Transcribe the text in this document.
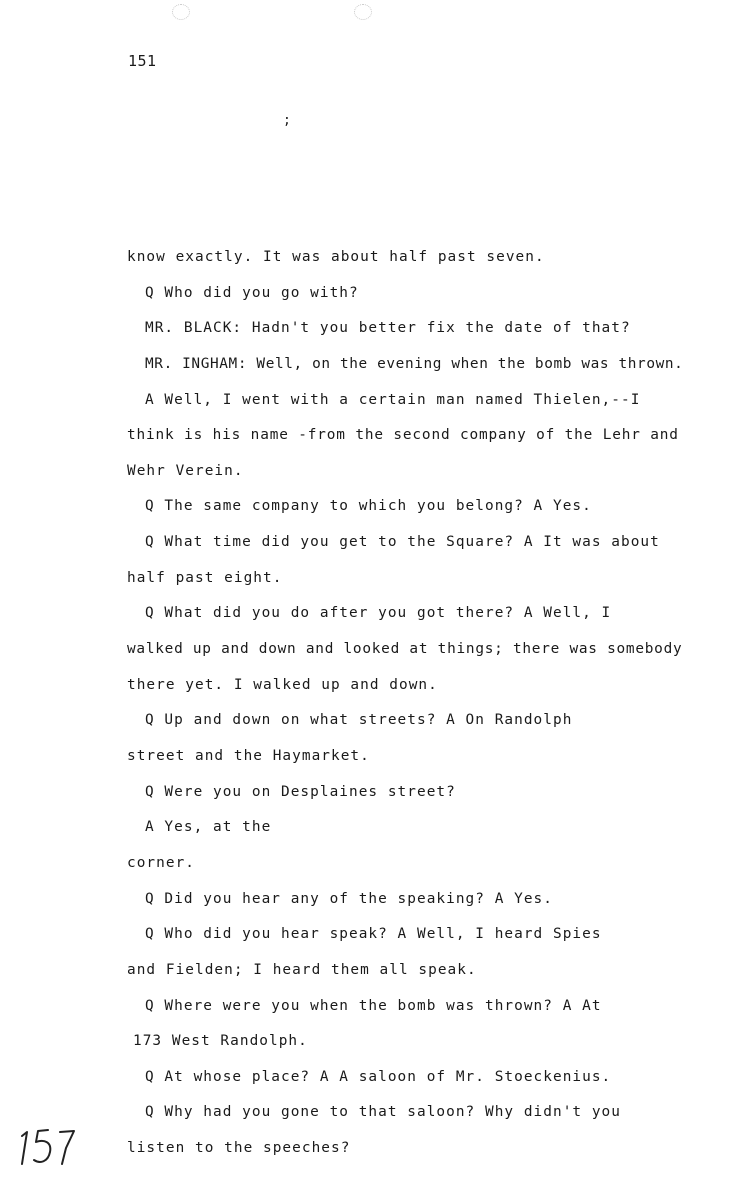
151
;
know exactly. It was about half past seven.
Q Who did you go with?
MR. BLACK: Hadn't you better fix the date of that?
MR. INGHAM: Well, on the evening when the bomb was thrown.
A Well, I went with a certain man named Thielen,--I
think is his name -from the second company of the Lehr and
Wehr Verein.
Q The same company to which you belong? A Yes.
Q What time did you get to the Square? A It was about
half past eight.
Q What did you do after you got there? A Well, I
walked up and down and looked at things; there was somebody
there yet. I walked up and down.
Q Up and down on what streets? A On Randolph
street and the Haymarket.
Q Were you on Desplaines street?
A Yes, at the
corner.
Q Did you hear any of the speaking? A Yes.
Q Who did you hear speak? A Well, I heard Spies
and Fielden; I heard them all speak.
Q Where were you when the bomb was thrown? A At
173 West Randolph.
Q At whose place? A A saloon of Mr. Stoeckenius.
Q Why had you gone to that saloon? Why didn't you
listen to the speeches?
